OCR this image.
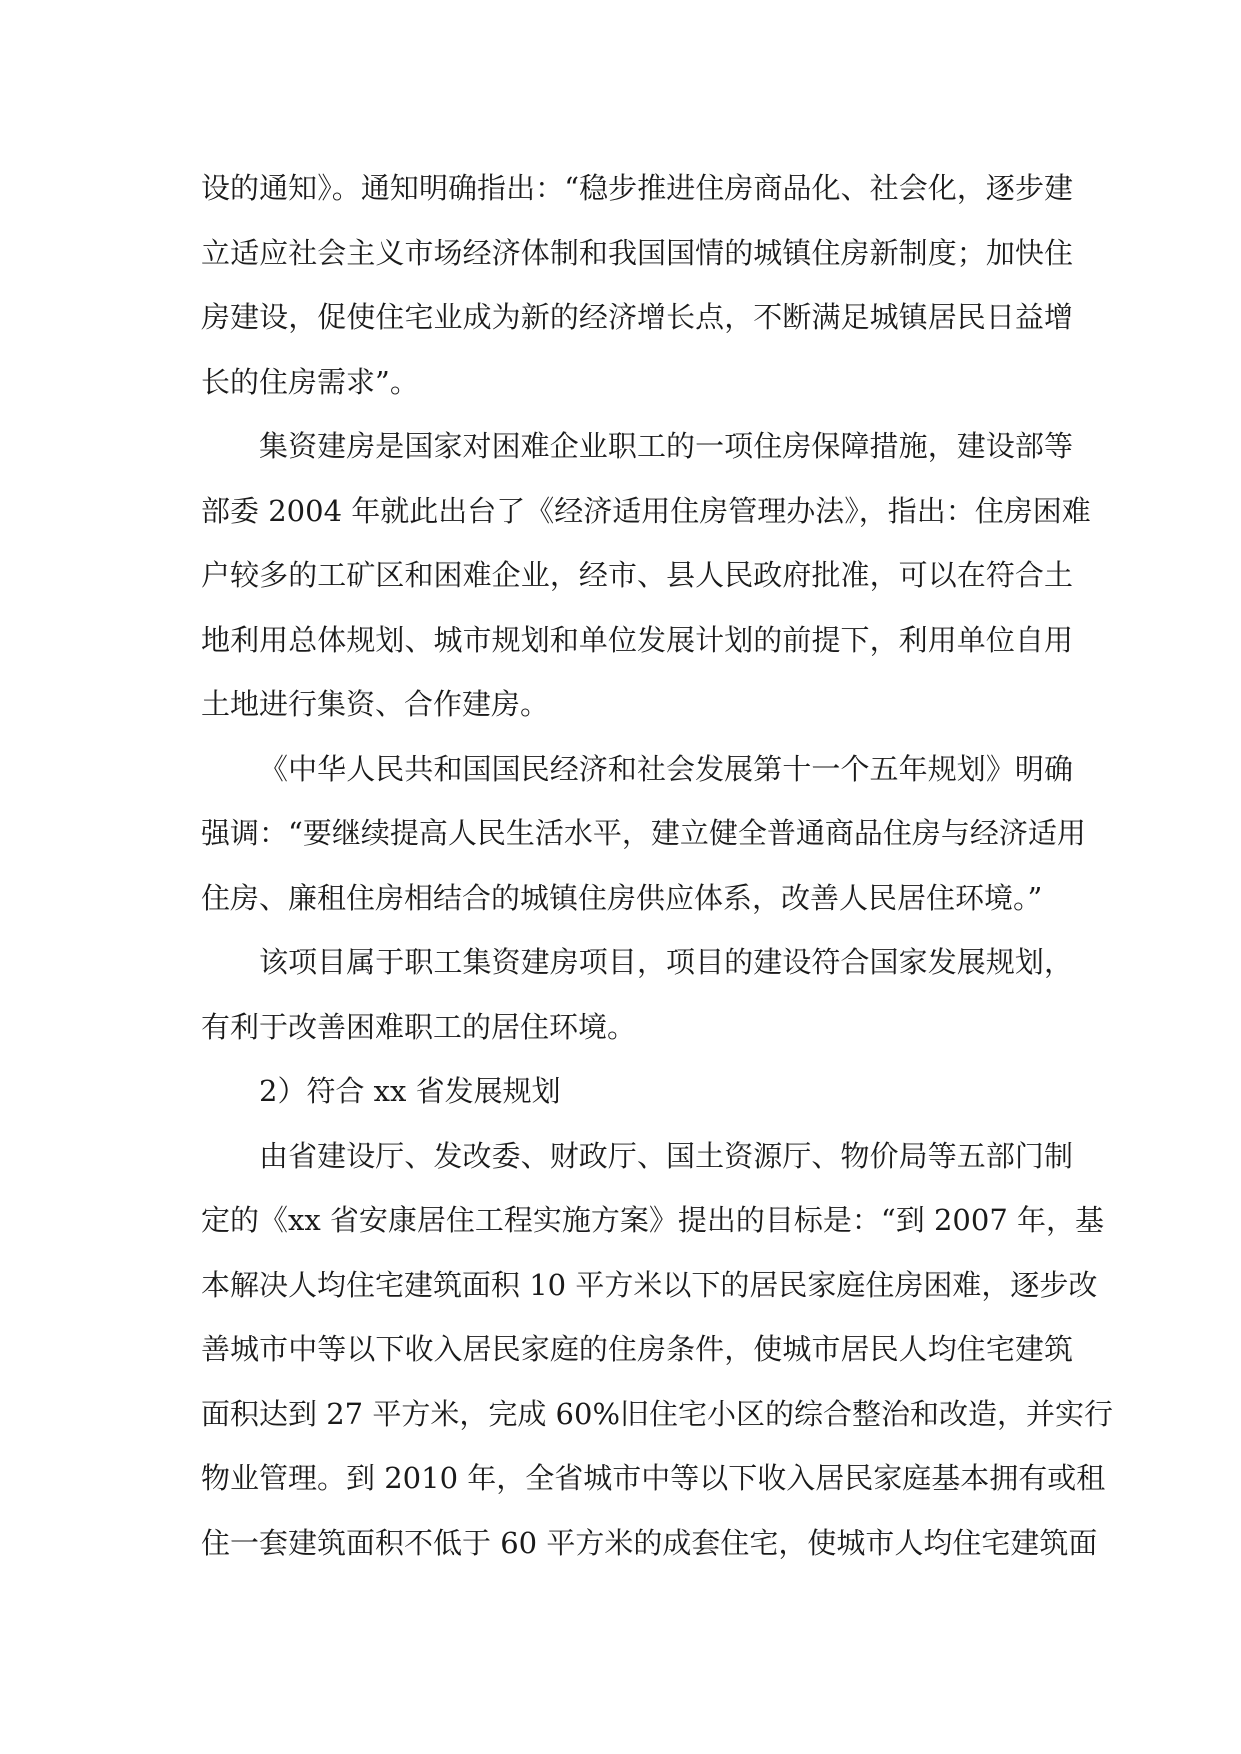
设的通知》。通知明确指出：“稳步推进住房商品化、社会化，逐步建
立适应社会主义市场经济体制和我国国情的城镇住房新制度；加快住
房建设，促使住宅业成为新的经济增长点，不断满足城镇居民日益增
长的住房需求”。
集资建房是国家对困难企业职工的一项住房保障措施，建设部等
部委 2004 年就此出台了《经济适用住房管理办法》，指出：住房困难
户较多的工矿区和困难企业，经市、县人民政府批准，可以在符合土
地利用总体规划、城市规划和单位发展计划的前提下，利用单位自用
土地进行集资、合作建房。
《中华人民共和国国民经济和社会发展第十一个五年规划》明确
强调：“要继续提高人民生活水平，建立健全普通商品住房与经济适用
住房、廉租住房相结合的城镇住房供应体系，改善人民居住环境。”
该项目属于职工集资建房项目，项目的建设符合国家发展规划，
有利于改善困难职工的居住环境。
2）符合 xx 省发展规划
由省建设厅、发改委、财政厅、国土资源厅、物价局等五部门制
定的《xx 省安康居住工程实施方案》提出的目标是：“到 2007 年，基
本解决人均住宅建筑面积 10 平方米以下的居民家庭住房困难，逐步改
善城市中等以下收入居民家庭的住房条件，使城市居民人均住宅建筑
面积达到 27 平方米，完成 60%旧住宅小区的综合整治和改造，并实行
物业管理。到 2010 年，全省城市中等以下收入居民家庭基本拥有或租
住一套建筑面积不低于 60 平方米的成套住宅，使城市人均住宅建筑面
